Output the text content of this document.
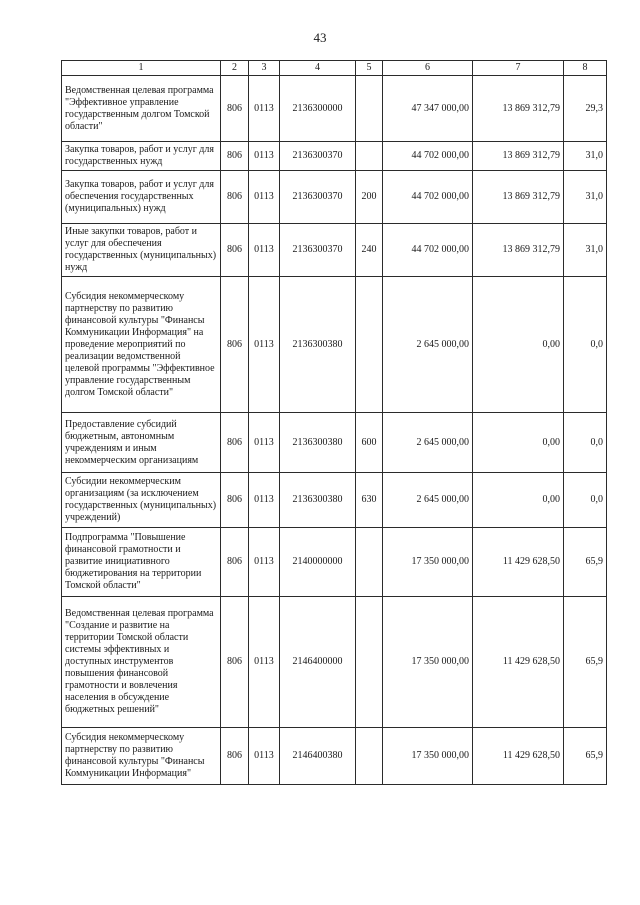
43
1	2	3	4	5	6	7	8
Ведомственная целевая программа "Эффективное управление государственным долгом Томской области"	806	0113	2136300000		47 347 000,00	13 869 312,79	29,3
Закупка товаров, работ и услуг для государственных нужд	806	0113	2136300370		44 702 000,00	13 869 312,79	31,0
Закупка товаров, работ и услуг для обеспечения государственных (муниципальных) нужд	806	0113	2136300370	200	44 702 000,00	13 869 312,79	31,0
Иные закупки товаров, работ и услуг для обеспечения государственных (муниципальных) нужд	806	0113	2136300370	240	44 702 000,00	13 869 312,79	31,0
Субсидия некоммерческому партнерству по развитию финансовой культуры "Финансы Коммуникации Информация" на проведение мероприятий по реализации ведомственной целевой программы "Эффективное управление государственным долгом Томской области"	806	0113	2136300380		2 645 000,00	0,00	0,0
Предоставление субсидий бюджетным, автономным учреждениям и иным некоммерческим организациям	806	0113	2136300380	600	2 645 000,00	0,00	0,0
Субсидии некоммерческим организациям (за исключением государственных (муниципальных) учреждений)	806	0113	2136300380	630	2 645 000,00	0,00	0,0
Подпрограмма "Повышение финансовой грамотности и развитие инициативного бюджетирования на территории Томской области"	806	0113	2140000000		17 350 000,00	11 429 628,50	65,9
Ведомственная целевая программа "Создание и развитие на территории Томской области системы эффективных и доступных инструментов повышения финансовой грамотности и вовлечения населения в обсуждение бюджетных решений"	806	0113	2146400000		17 350 000,00	11 429 628,50	65,9
Субсидия некоммерческому партнерству по развитию финансовой культуры "Финансы Коммуникации Информация"	806	0113	2146400380		17 350 000,00	11 429 628,50	65,9
